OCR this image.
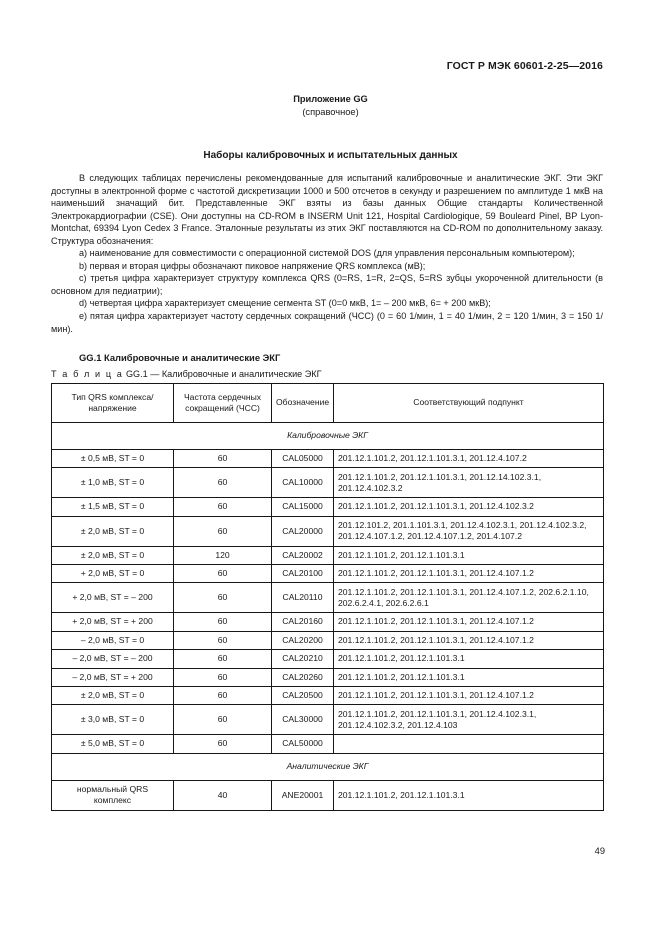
ГОСТ Р МЭК 60601-2-25—2016
Приложение GG
(справочное)
Наборы калибровочных и испытательных данных

В следующих таблицах перечислены рекомендованные для испытаний калибровочные и аналитические ЭКГ. Эти ЭКГ доступны в электронной форме с частотой дискретизации 1000 и 500 отсчетов в секунду и разрешением по амплитуде 1 мкВ на наименьший значащий бит. Представленные ЭКГ взяты из базы данных Общие стандарты Количественной Электрокардиографии (CSE). Они доступны на CD-ROM в INSERM Unit 121, Hospital Cardiologique, 59 Bouleard Pinel, BP Lyon-Montchat, 69394 Lyon Cedex 3 France. Эталонные результаты из этих ЭКГ поставляются на CD-ROM по дополнительному заказу. Структура обозначения:

a) наименование для совместимости с операционной системой DOS (для управления персональным компьютером);

b) первая и вторая цифры обозначают пиковое напряжение QRS комплекса (мВ);

c) третья цифра характеризует структуру комплекса QRS (0=RS, 1=R, 2=QS, 5=RS зубцы укороченной длительности (в основном для педиатрии);

d) четвертая цифра характеризует смещение сегмента ST (0=0 мкВ, 1= – 200 мкВ, 6= + 200 мкВ);

e) пятая цифра характеризует частоту сердечных сокращений (ЧСС) (0 = 60 1/мин, 1 = 40 1/мин, 2 = 120 1/мин, 3 = 150 1/мин).

GG.1 Калибровочные и аналитические ЭКГ
Т а б л и ц а GG.1 — Калибровочные и аналитические ЭКГ
Тип QRS комплекса/
напряжение	Частота сердечных
сокращений (ЧСС)	Обозначение	Соответствующий подпункт
Калибровочные ЭКГ			
± 0,5 мВ, ST = 0	60	CAL05000	201.12.1.101.2, 201.12.1.101.3.1, 201.12.4.107.2
± 1,0 мВ, ST = 0	60	CAL10000	201.12.1.101.2, 201.12.1.101.3.1, 201.12.14.102.3.1, 201.12.4.102.3.2
± 1,5 мВ, ST = 0	60	CAL15000	201.12.1.101.2, 201.12.1.101.3.1, 201.12.4.102.3.2
± 2,0 мВ, ST = 0	60	CAL20000	201.12.101.2, 201.1.101.3.1, 201.12.4.102.3.1, 201.12.4.102.3.2, 201.12.4.107.1.2, 201.12.4.107.1.2, 201.4.107.2
± 2,0 мВ, ST = 0	120	CAL20002	201.12.1.101.2, 201.12.1.101.3.1
+ 2,0 мВ, ST = 0	60	CAL20100	201.12.1.101.2, 201.12.1.101.3.1, 201.12.4.107.1.2
+ 2,0 мВ, ST = – 200	60	CAL20110	201.12.1.101.2, 201.12.1.101.3.1, 201.12.4.107.1.2, 202.6.2.1.10, 202.6.2.4.1, 202.6.2.6.1
+ 2,0 мВ, ST = + 200	60	CAL20160	201.12.1.101.2, 201.12.1.101.3.1, 201.12.4.107.1.2
– 2,0 мВ, ST = 0	60	CAL20200	201.12.1.101.2, 201.12.1.101.3.1, 201.12.4.107.1.2
– 2,0 мВ, ST = – 200	60	CAL20210	201.12.1.101.2, 201.12.1.101.3.1
– 2,0 мВ, ST = + 200	60	CAL20260	201.12.1.101.2, 201.12.1.101.3.1
± 2,0 мВ, ST = 0	60	CAL20500	201.12.1.101.2, 201.12.1.101.3.1, 201.12.4.107.1.2
± 3,0 мВ, ST = 0	60	CAL30000	201.12.1.101.2, 201.12.1.101.3.1, 201.12.4.102.3.1, 201.12.4.102.3.2, 201.12.4.103
± 5,0 мВ, ST = 0	60	CAL50000	
Аналитические ЭКГ			
нормальный QRS
комплекс	40	ANE20001	201.12.1.101.2, 201.12.1.101.3.1
49
